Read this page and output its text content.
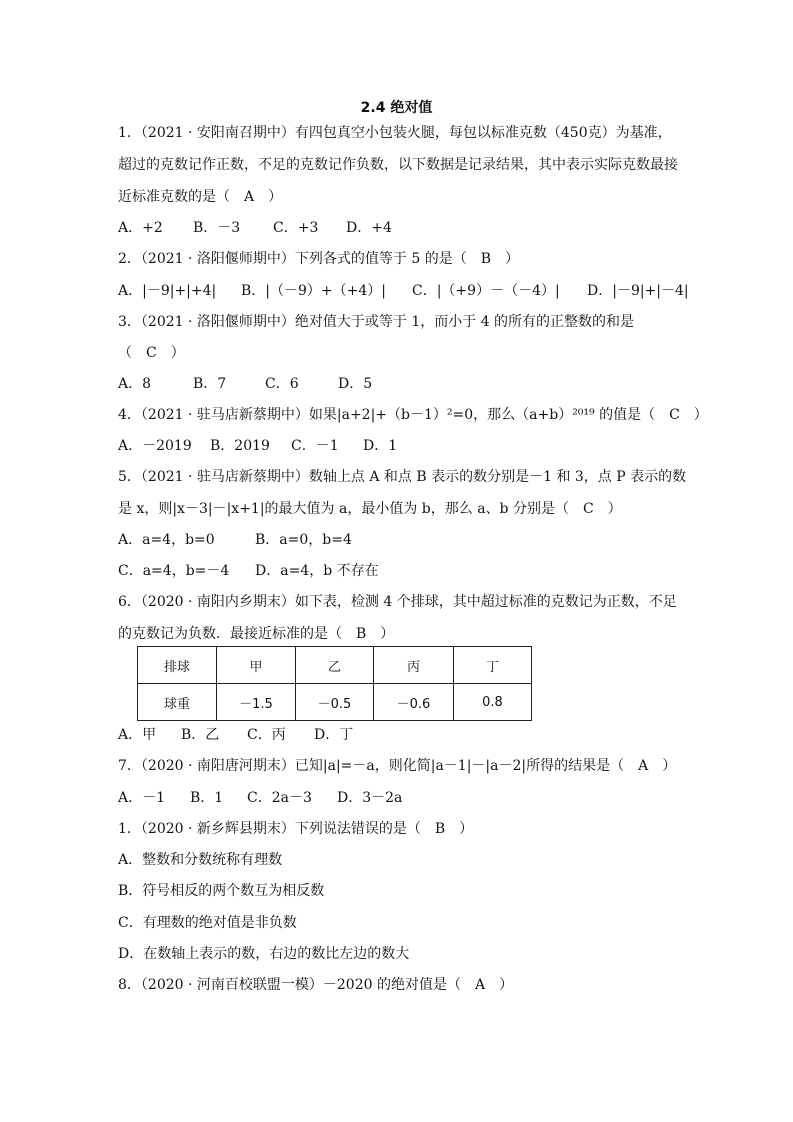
2.4 绝对值
1．（2021 · 安阳南召期中）有四包真空小包装火腿，每包以标准克数（450克）为基准，
超过的克数记作正数，不足的克数记作负数，以下数据是记录结果，其中表示实际克数最接
近标准克数的是（　A　）
A．+2 B．－3 C．+3 D．+4
2．（2021 · 洛阳偃师期中）下列各式的值等于 5 的是（　B　）
A．|－9|+|+4| B．|（－9）+（+4）| C．|（+9）－（－4）| D．|－9|+|－4|
3．（2021 · 洛阳偃师期中）绝对值大于或等于 1，而小于 4 的所有的正整数的和是
（　C　）
A．8	B．7	C．6	D．5
4．（2021 · 驻马店新蔡期中）如果|a+2|+（b－1）²=0，那么（a+b）²⁰¹⁹ 的值是（　C　）
A．－2019 B．2019 C．－1 D．1
5．（2021 · 驻马店新蔡期中）数轴上点 A 和点 B 表示的数分别是－1 和 3，点 P 表示的数
是 x，则|x－3|－|x+1|的最大值为 a，最小值为 b，那么 a、b 分别是（　C　）
A．a=4，b=0	B．a=0，b=4
C．a=4，b=－4 D．a=4，b 不存在
6．（2020 · 南阳内乡期末）如下表，检测 4 个排球，其中超过标准的克数记为正数，不足
的克数记为负数．最接近标准的是（　B　）
排球	甲	乙	丙	丁
球重	－1.5	－0.5	－0.6	0.8
A．甲 B．乙 C．丙 D．丁
7．（2020 · 南阳唐河期末）已知|a|=－a，则化简|a－1|－|a－2|所得的结果是（　A　）
A．－1 B．1 C．2a－3 D．3－2a
1．（2020 · 新乡辉县期末）下列说法错误的是（　B　）
A．整数和分数统称有理数
B．符号相反的两个数互为相反数
C．有理数的绝对值是非负数
D．在数轴上表示的数，右边的数比左边的数大
8．（2020 · 河南百校联盟一模）－2020 的绝对值是（　A　）
